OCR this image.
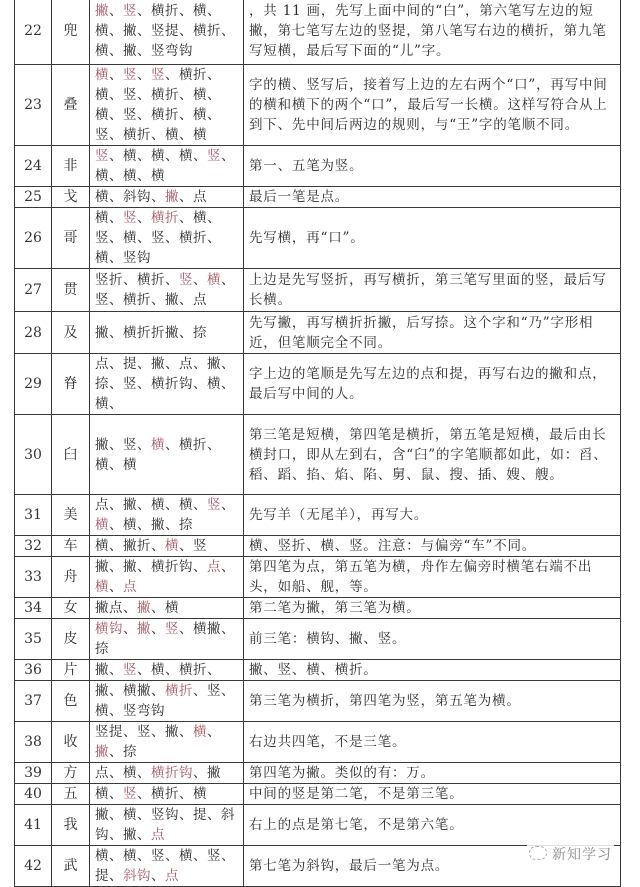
22	兜	撇、竖、横折、横、横、撇、竖提、横折、横、撇、竖弯钩	，共 11 画，先写上面中间的“白”，第六笔写左边的短撇，第七笔写左边的竖提，第八笔写右边的横折，第九笔写短横，最后写下面的“儿”字。
23	叠	横、竖、竖、横折、横、竖、横折、横、横、竖、横折、横、竖、横折、横、横	字的横、竖写后，接着写上边的左右两个“口”，再写中间的横和横下的两个“口”，最后写一长横。这样写符合从上到下、先中间后两边的规则，与“王”字的笔顺不同。
24	非	竖、横、横、横、竖、横、横、横	第一、五笔为竖。
25	戈	横、斜钩、撇、点	最后一笔是点。
26	哥	横、竖、横折、横、竖、横、竖、横折、横、竖钩	先写横，再“口”。
27	贯	竖折、横折、竖、横、竖、横折、撇、点	上边是先写竖折，再写横折，第三笔写里面的竖，最后写长横。
28	及	撇、横折折撇、捺	先写撇，再写横折折撇，后写捺。这个字和“乃”字形相近，但笔顺完全不同。
29	脊	点、提、撇、点、撇、捺、竖、横折钩、横、横、	字上边的笔顺是先写左边的点和提，再写右边的撇和点，最后写中间的人。
30	臼	撇、竖、横、横折、横、横	第三笔是短横，第四笔是横折，第五笔是短横，最后由长横封口，即从左到右，含“臼”的字笔顺都如此，如：舀、稻、蹈、掐、焰、陷、舅、鼠、搜、插、嫂、艘。
31	美	点、撇、横、横、竖、横、横、撇、捺	先写羊（无尾羊），再写大。
32	车	横、撇折、横、竖	横、竖折、横、竖。注意：与偏旁“车”不同。
33	舟	撇、撇、横折钩、点、横、点	第四笔为点，第五笔为横，舟作左偏旁时横笔右端不出头，如船、舰，等。
34	女	撇点、撇、横	第二笔为撇，第三笔为横。
35	皮	横钩、撇、竖、横撇、捺	前三笔：横钩、撇、竖。
36	片	撇、竖、横、横折、	撇、竖、横、横折。
37	色	撇、横撇、横折、竖、横、竖弯钩	第三笔为横折，第四笔为竖，第五笔为横。
38	收	竖提、竖、撇、横、撇、捺	右边共四笔，不是三笔。
39	方	点、横、横折钩、撇	第四笔为撇。类似的有：万。
40	五	横、竖、横折、横	中间的竖是第二笔，不是第三笔。
41	我	撇、横、竖钩、提、斜钩、撇、点	右上的点是第七笔，不是第六笔。
42	武	横、横、竖、横、竖、提、斜钩、点	第七笔为斜钩，最后一笔为点。
新知学习
